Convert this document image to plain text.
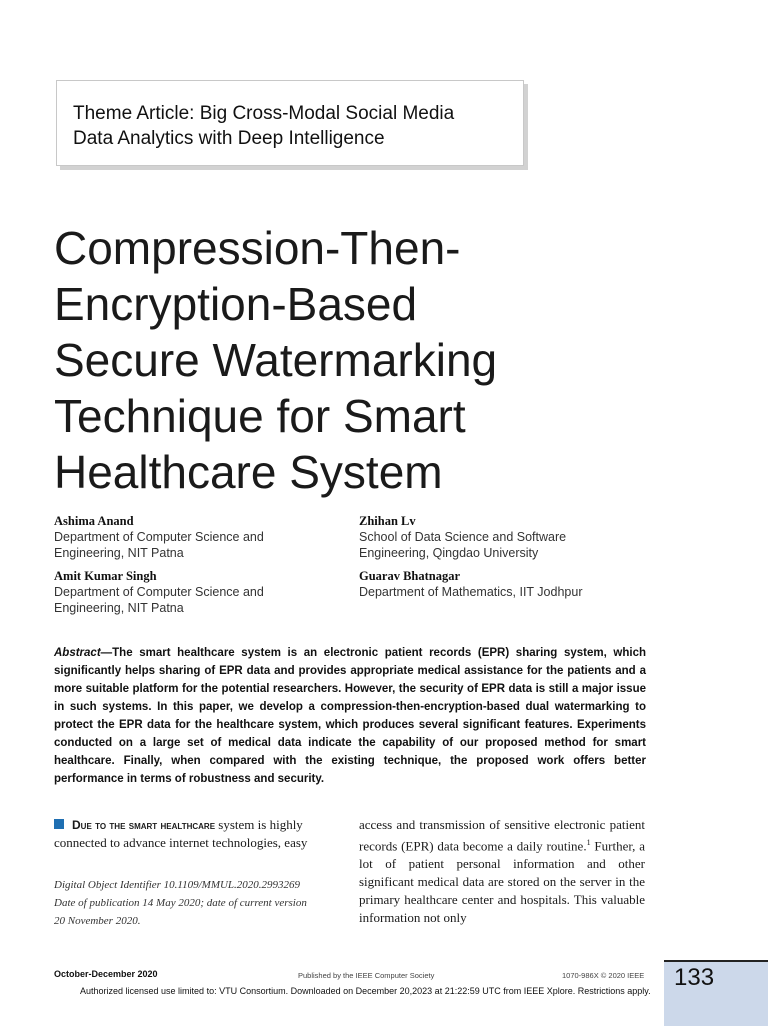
Theme Article: Big Cross-Modal Social Media
Data Analytics with Deep Intelligence
Compression-Then-
Encryption-Based
Secure Watermarking
Technique for Smart
Healthcare System
Ashima Anand
Department of Computer Science and
Engineering, NIT Patna
Amit Kumar Singh
Department of Computer Science and
Engineering, NIT Patna
Zhihan Lv
School of Data Science and Software
Engineering, Qingdao University
Guarav Bhatnagar
Department of Mathematics, IIT Jodhpur

Abstract—The smart healthcare system is an electronic patient records (EPR) sharing system, which significantly helps sharing of EPR data and provides appropriate medical assistance for the patients and a more suitable platform for the potential researchers. However, the security of EPR data is still a major issue in such systems. In this paper, we develop a compression-then-encryption-based dual watermarking to protect the EPR data for the healthcare system, which produces several significant features. Experiments conducted on a large set of medical data indicate the capability of our proposed method for smart healthcare. Finally, when compared with the existing technique, the proposed work offers better performance in terms of robustness and security.

Due to the smart healthcare system is highly connected to advance internet technologies, easy
Digital Object Identifier 10.1109/MMUL.2020.2993269
Date of publication 14 May 2020; date of current version
20 November 2020.
access and transmission of sensitive electronic patient records (EPR) data become a daily routine.$^1$ Further, a lot of patient personal information and other significant medical data are stored on the server in the primary healthcare center and hospitals. This valuable information not only
133
October-December 2020	Published by the IEEE Computer Society	1070-986X © 2020 IEEE
Authorized licensed use limited to: VTU Consortium. Downloaded on December 20,2023 at 21:22:59 UTC from IEEE Xplore. Restrictions apply.
